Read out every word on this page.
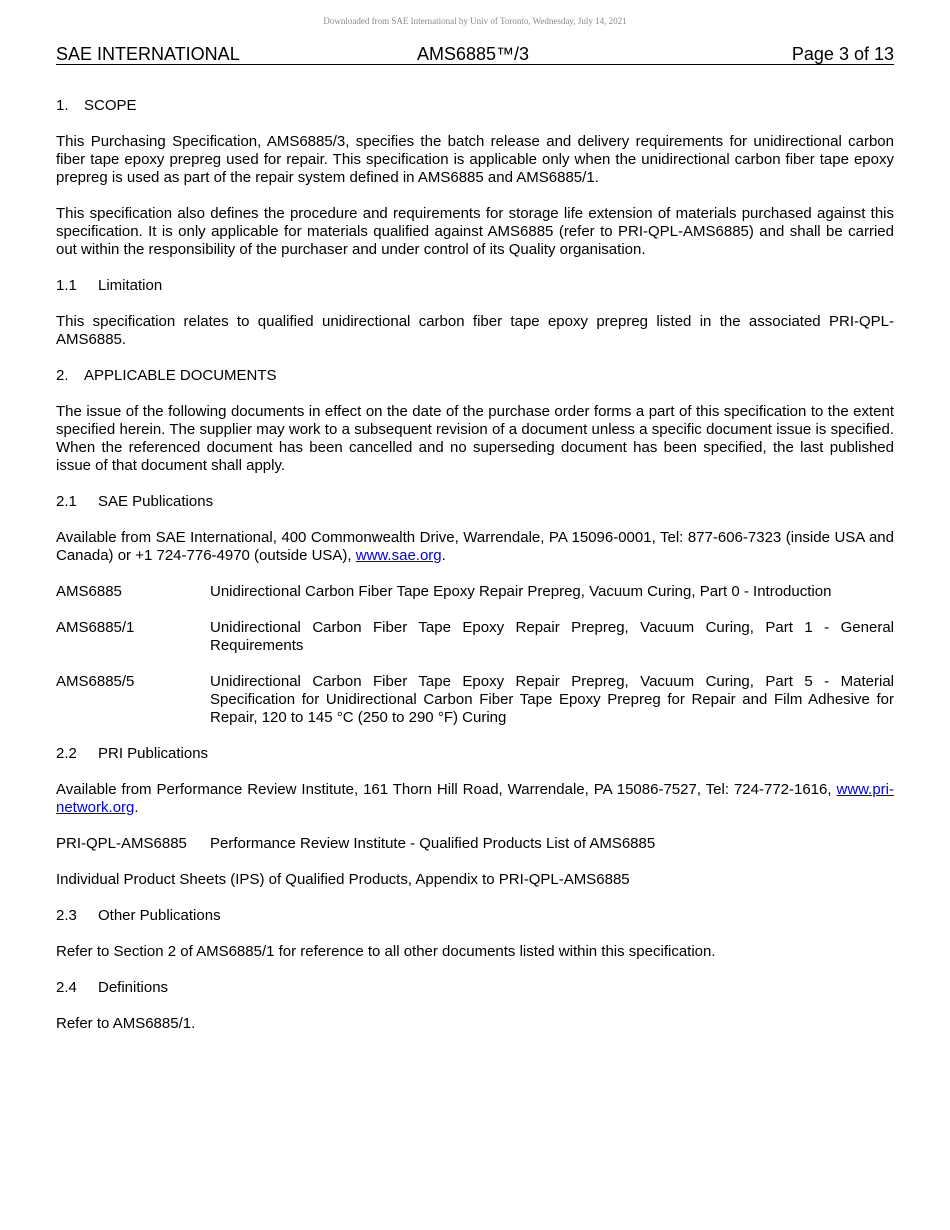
Downloaded from SAE International by Univ of Toronto, Wednesday, July 14, 2021
SAE INTERNATIONAL	AMS6885™/3	Page 3 of 13
1. SCOPE

This Purchasing Specification, AMS6885/3, specifies the batch release and delivery requirements for unidirectional carbon fiber tape epoxy prepreg used for repair. This specification is applicable only when the unidirectional carbon fiber tape epoxy prepreg is used as part of the repair system defined in AMS6885 and AMS6885/1.

This specification also defines the procedure and requirements for storage life extension of materials purchased against this specification. It is only applicable for materials qualified against AMS6885 (refer to PRI-QPL-AMS6885) and shall be carried out within the responsibility of the purchaser and under control of its Quality organisation.

1.1 Limitation

This specification relates to qualified unidirectional carbon fiber tape epoxy prepreg listed in the associated PRI-QPL-AMS6885.

2. APPLICABLE DOCUMENTS

The issue of the following documents in effect on the date of the purchase order forms a part of this specification to the extent specified herein. The supplier may work to a subsequent revision of a document unless a specific document issue is specified. When the referenced document has been cancelled and no superseding document has been specified, the last published issue of that document shall apply.

2.1 SAE Publications

Available from SAE International, 400 Commonwealth Drive, Warrendale, PA 15096-0001, Tel: 877-606-7323 (inside USA and Canada) or +1 724-776-4970 (outside USA), www.sae.org.

AMS6885	Unidirectional Carbon Fiber Tape Epoxy Repair Prepreg, Vacuum Curing, Part 0 - Introduction
AMS6885/1	Unidirectional Carbon Fiber Tape Epoxy Repair Prepreg, Vacuum Curing, Part 1 - General Requirements
AMS6885/5	Unidirectional Carbon Fiber Tape Epoxy Repair Prepreg, Vacuum Curing, Part 5 - Material Specification for Unidirectional Carbon Fiber Tape Epoxy Prepreg for Repair and Film Adhesive for Repair, 120 to 145 °C (250 to 290 °F) Curing
2.2 PRI Publications

Available from Performance Review Institute, 161 Thorn Hill Road, Warrendale, PA 15086-7527, Tel: 724-772-1616, www.pri-network.org.

PRI-QPL-AMS6885	Performance Review Institute - Qualified Products List of AMS6885

Individual Product Sheets (IPS) of Qualified Products, Appendix to PRI-QPL-AMS6885

2.3 Other Publications

Refer to Section 2 of AMS6885/1 for reference to all other documents listed within this specification.

2.4 Definitions

Refer to AMS6885/1.
